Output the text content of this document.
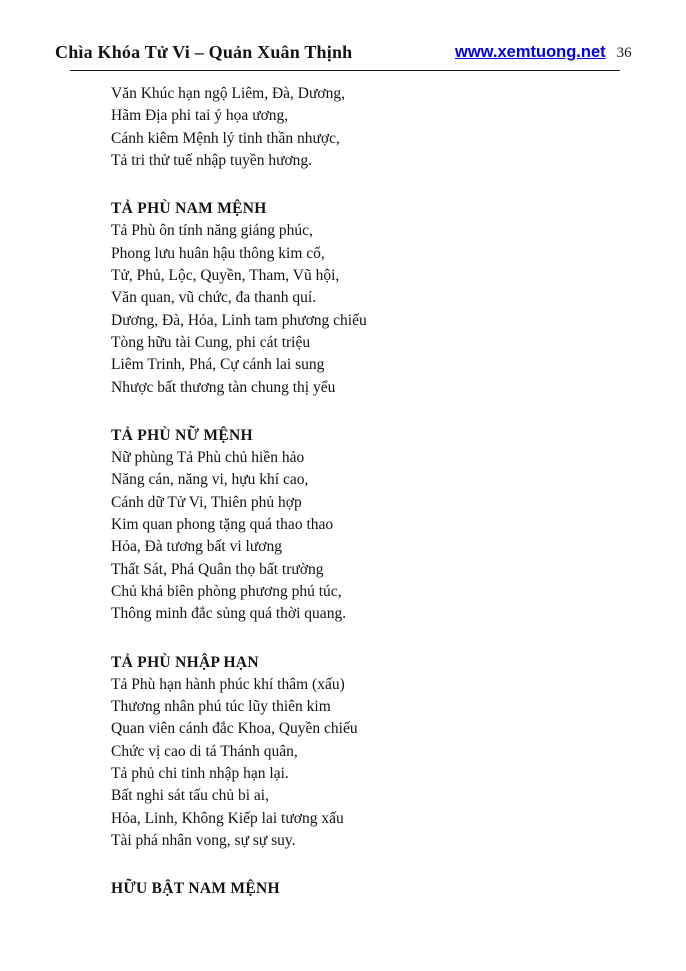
Chìa Khóa Tử Vi – Quản Xuân Thịnh	www.xemtuong.net 36

Văn Khúc hạn ngộ Liêm, Đà, Dương,

Hãm Địa phi tai ý họa ương,

Cánh kiêm Mệnh lý tinh thần nhược,

Tả tri thử tuế nhập tuyền hương.

TẢ PHÙ NAM MỆNH

Tả Phù ôn tính năng giáng phúc,

Phong lưu huân hậu thông kim cổ,

Tử, Phủ, Lộc, Quyền, Tham, Vũ hội,

Văn quan, vũ chức, đa thanh quí.

Dương, Đà, Hỏa, Linh tam phương chiếu

Tòng hữu tài Cung, phi cát triệu

Liêm Trinh, Phá, Cự cánh lai sung

Nhược bất thương tàn chung thị yểu

TẢ PHÙ NỮ MỆNH

Nữ phùng Tả Phù chủ hiền hảo

Năng cán, năng vi, hựu khí cao,

Cánh dữ Tử Vi, Thiên phủ hợp

Kim quan phong tặng quá thao thao

Hỏa, Đà tương bất vi lương

Thất Sát, Phá Quân thọ bất trường

Chủ khả biên phòng phương phú túc,

Thông minh đắc sủng quá thời quang.

TẢ PHÙ NHẬP HẠN

Tả Phù hạn hành phúc khí thâm (xấu)

Thương nhân phú túc lũy thiên kim

Quan viên cánh đắc Khoa, Quyền chiếu

Chức vị cao di tá Thánh quân,

Tả phủ chi tinh nhập hạn lại.

Bất nghi sát tấu chủ bi ai,

Hỏa, Linh, Không Kiếp lai tương xấu

Tài phá nhân vong, sự sự suy.

HỮU BẬT NAM MỆNH
